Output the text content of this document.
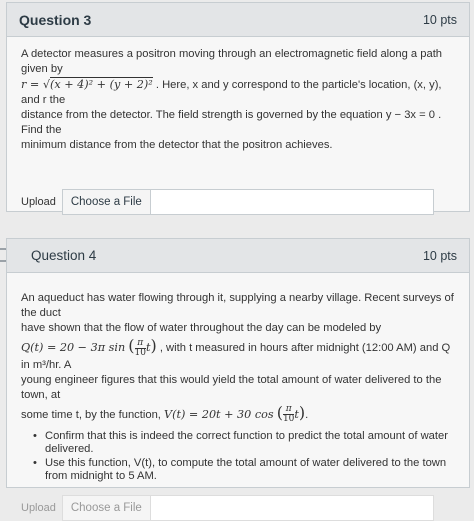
Question 3	10 pts
A detector measures a positron moving through an electromagnetic field along a path given by
r = √(x + 4)² + (y + 2)² . Here, x and y correspond to the particle's location, (x, y), and r the
distance from the detector. The field strength is governed by the equation y − 3x = 0 . Find the
minimum distance from the detector that the positron achieves.
Upload	Choose a File
Question 4	10 pts
An aqueduct has water flowing through it, supplying a nearby village. Recent surveys of the duct
have shown that the flow of water throughout the day can be modeled by
Q(t) = 20 − 3π sin ( $\frac{\pi}{10} t$) , with t measured in hours after midnight (12:00 AM) and Q in m³/hr. A
young engineer figures that this would yield the total amount of water delivered to the town, at
some time t, by the function, V(t) = 20t + 30 cos ( $\frac{\pi}{10} t$).
• Confirm that this is indeed the correct function to predict the total amount of water delivered.
• Use this function, V(t), to compute the total amount of water delivered to the town from midnight to 5 AM.
Upload	Choose a File
